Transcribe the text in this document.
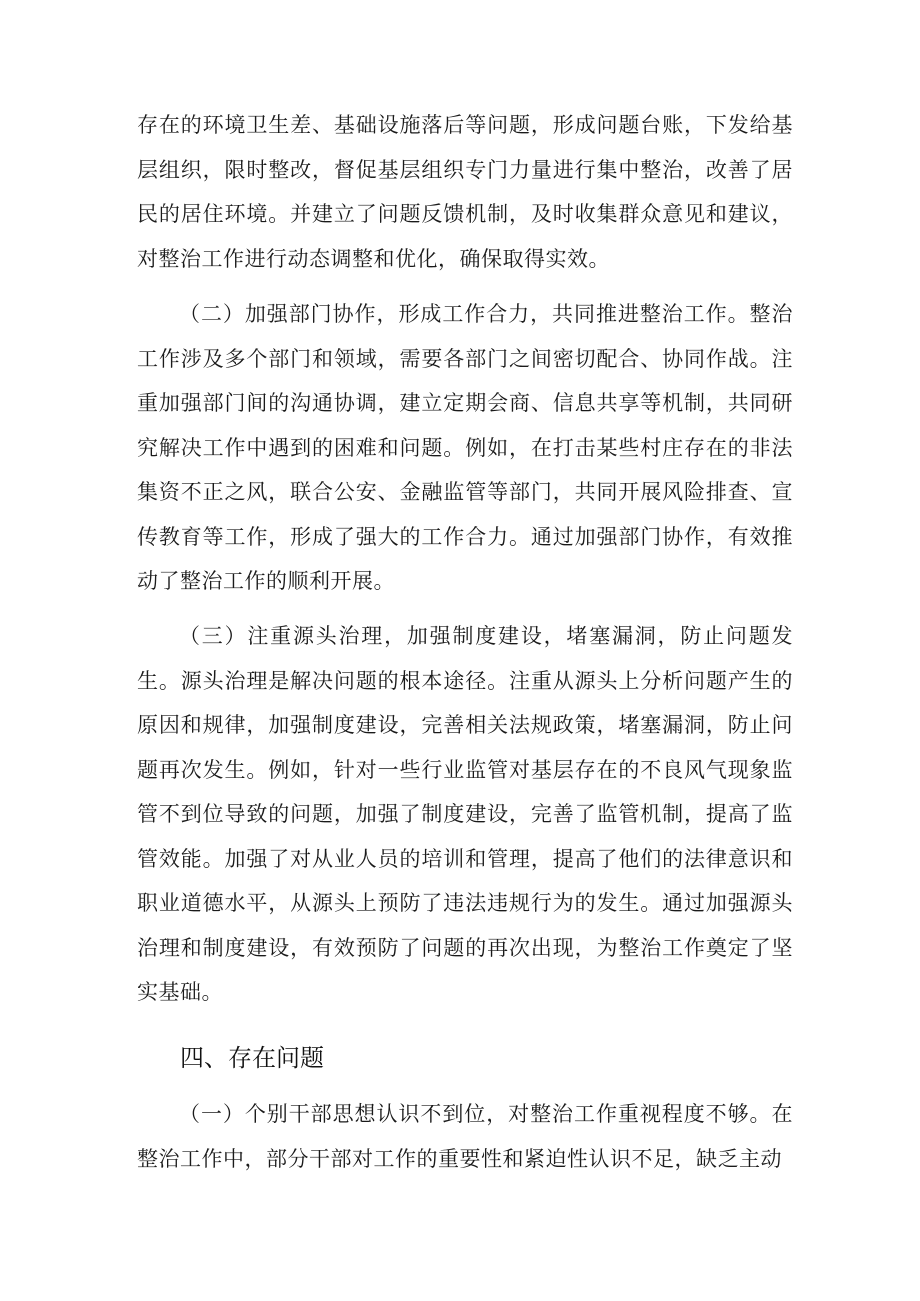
存在的环境卫生差、基础设施落后等问题，形成问题台账，下发给基层组织，限时整改，督促基层组织专门力量进行集中整治，改善了居民的居住环境。并建立了问题反馈机制，及时收集群众意见和建议，对整治工作进行动态调整和优化，确保取得实效。

（二）加强部门协作，形成工作合力，共同推进整治工作。整治工作涉及多个部门和领域，需要各部门之间密切配合、协同作战。注重加强部门间的沟通协调，建立定期会商、信息共享等机制，共同研究解决工作中遇到的困难和问题。例如，在打击某些村庄存在的非法集资不正之风，联合公安、金融监管等部门，共同开展风险排查、宣传教育等工作，形成了强大的工作合力。通过加强部门协作，有效推动了整治工作的顺利开展。

（三）注重源头治理，加强制度建设，堵塞漏洞，防止问题发生。源头治理是解决问题的根本途径。注重从源头上分析问题产生的原因和规律，加强制度建设，完善相关法规政策，堵塞漏洞，防止问题再次发生。例如，针对一些行业监管对基层存在的不良风气现象监管不到位导致的问题，加强了制度建设，完善了监管机制，提高了监管效能。加强了对从业人员的培训和管理，提高了他们的法律意识和职业道德水平，从源头上预防了违法违规行为的发生。通过加强源头治理和制度建设，有效预防了问题的再次出现，为整治工作奠定了坚实基础。

四、存在问题

（一）个别干部思想认识不到位，对整治工作重视程度不够。在整治工作中，部分干部对工作的重要性和紧迫性认识不足，缺乏主动
